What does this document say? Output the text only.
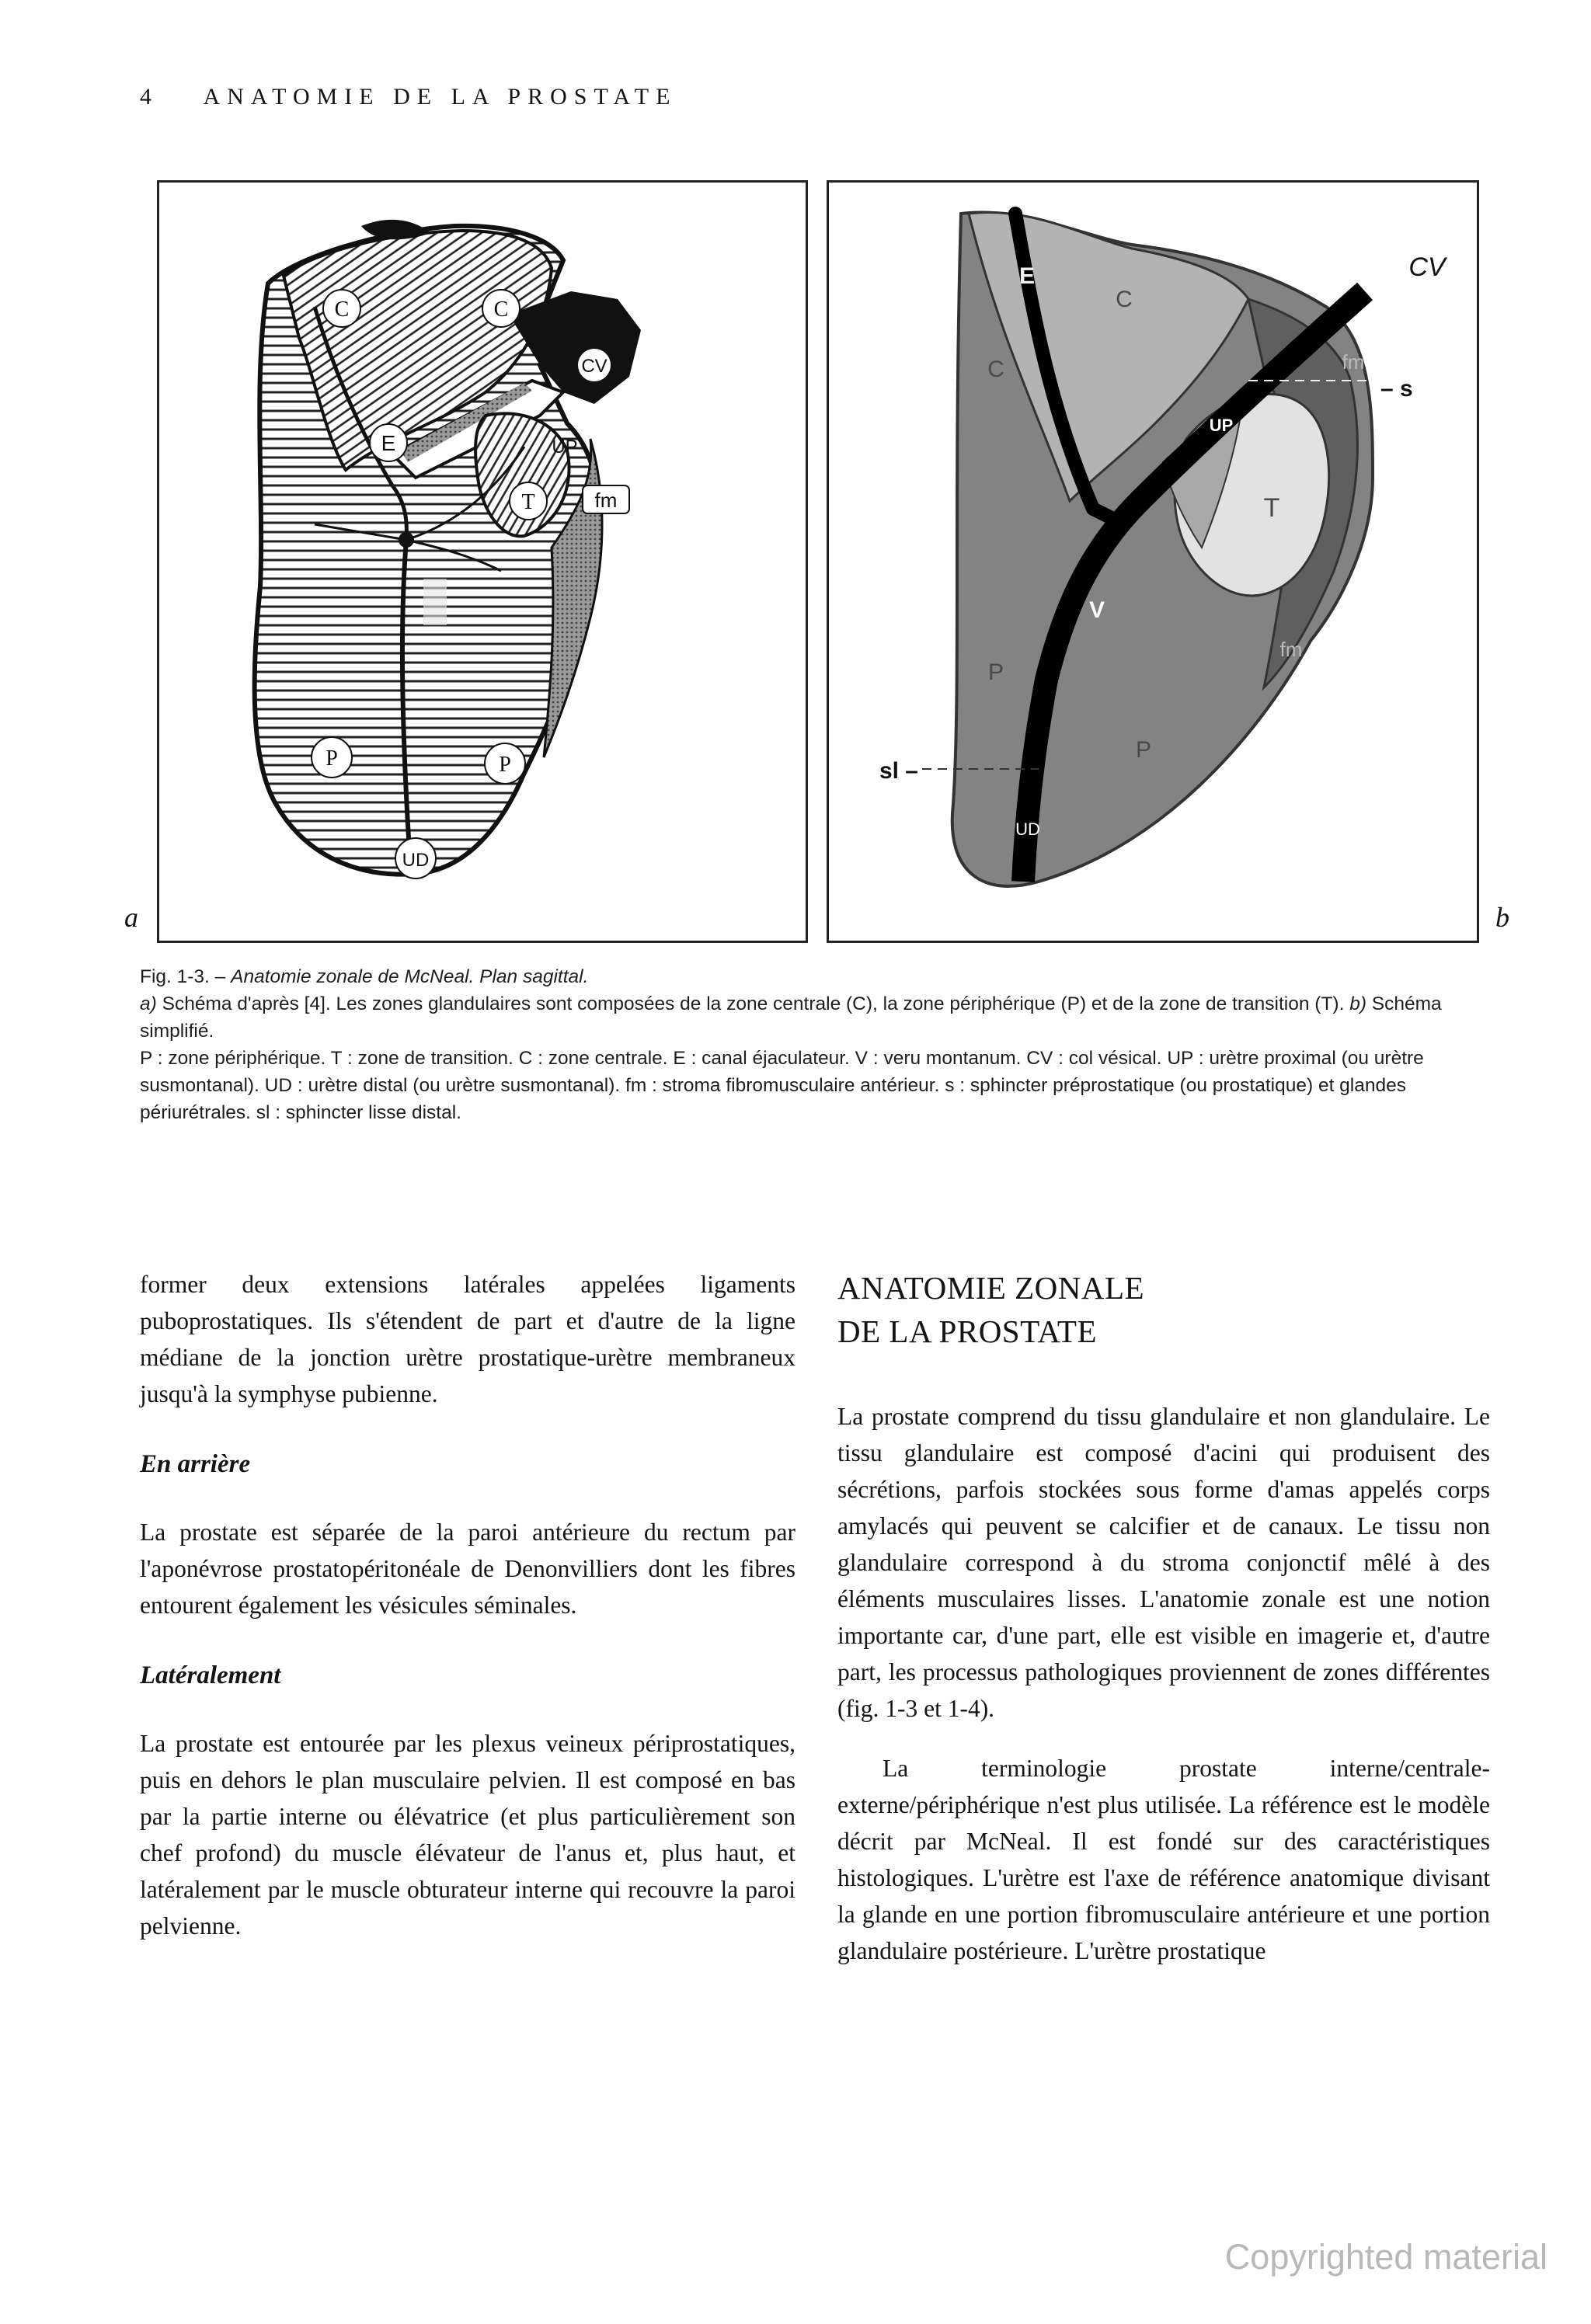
4 ANATOMIE DE LA PROSTATE
C	C
CV
E	UP
T	fm
P	P
UD
a
E
C
C	fm
UP
T
V
fm
P
P
UD
CV
– s
sl –
b

Fig. 1-3. – Anatomie zonale de McNeal. Plan sagittal.

a) Schéma d'après [4]. Les zones glandulaires sont composées de la zone centrale (C), la zone périphérique (P) et de la zone de transition (T). b) Schéma simplifié.

P : zone périphérique. T : zone de transition. C : zone centrale. E : canal éjaculateur. V : veru montanum. CV : col vésical. UP : urètre proximal (ou urètre susmontanal). UD : urètre distal (ou urètre susmontanal). fm : stroma fibromusculaire antérieur. s : sphincter préprostatique (ou prostatique) et glandes périurétrales. sl : sphincter lisse distal.

former deux extensions latérales appelées ligaments puboprostatiques. Ils s'étendent de part et d'autre de la ligne médiane de la jonction urètre prostatique-urètre membraneux jusqu'à la symphyse pubienne.

En arrière

La prostate est séparée de la paroi antérieure du rectum par l'aponévrose prostatopéritonéale de Denonvilliers dont les fibres entourent également les vésicules séminales.

Latéralement

La prostate est entourée par les plexus veineux périprostatiques, puis en dehors le plan musculaire pelvien. Il est composé en bas par la partie interne ou élévatrice (et plus particulièrement son chef profond) du muscle élévateur de l'anus et, plus haut, et latéralement par le muscle obturateur interne qui recouvre la paroi pelvienne.

ANATOMIE ZONALE
DE LA PROSTATE

La prostate comprend du tissu glandulaire et non glandulaire. Le tissu glandulaire est composé d'acini qui produisent des sécrétions, parfois stockées sous forme d'amas appelés corps amylacés qui peuvent se calcifier et de canaux. Le tissu non glandulaire correspond à du stroma conjonctif mêlé à des éléments musculaires lisses. L'anatomie zonale est une notion importante car, d'une part, elle est visible en imagerie et, d'autre part, les processus pathologiques proviennent de zones différentes (fig. 1-3 et 1-4).

La terminologie prostate interne/centrale-externe/périphérique n'est plus utilisée. La référence est le modèle décrit par McNeal. Il est fondé sur des caractéristiques histologiques. L'urètre est l'axe de référence anatomique divisant la glande en une portion fibromusculaire antérieure et une portion glandulaire postérieure. L'urètre prostatique

Copyrighted material
